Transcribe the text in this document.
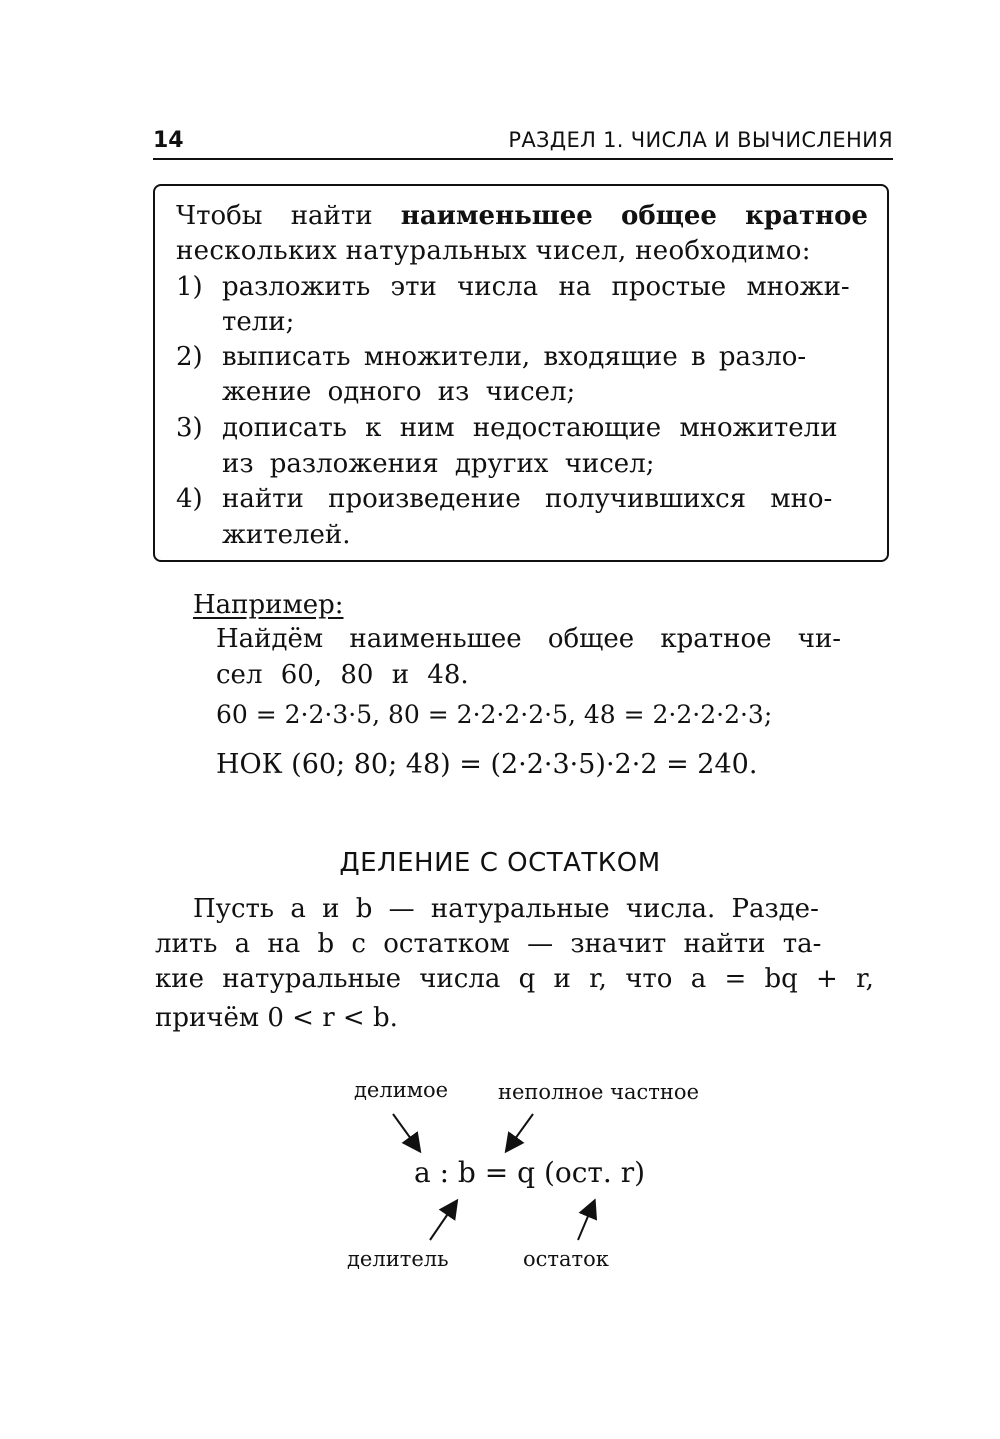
14	РАЗДЕЛ 1. ЧИСЛА И ВЫЧИСЛЕНИЯ
Чтобы найти наименьшее общее кратное
нескольких натуральных чисел, необходимо:
1) разложить эти числа на простые множи-
тели;
2) выписать множители, входящие в разло-
жение одного из чисел;
3) дописать к ним недостающие множители
из разложения других чисел;
4) найти произведение получившихся мно-
жителей.
Например:
Найдём наименьшее общее кратное чи-
сел 60, 80 и 48.
60 = 2·2·3·5, 80 = 2·2·2·2·5, 48 = 2·2·2·2·3;
НОК (60; 80; 48) = (2·2·3·5)·2·2 = 240.
ДЕЛЕНИЕ С ОСТАТКОМ
Пусть a и b — натуральные числа. Разде-
лить a на b с остатком — значит найти та-
кие натуральные числа q и r, что a = bq + r,
причём 0 < r < b.
делимое неполное частное
a : b = q (ост. r)
делитель	остаток
